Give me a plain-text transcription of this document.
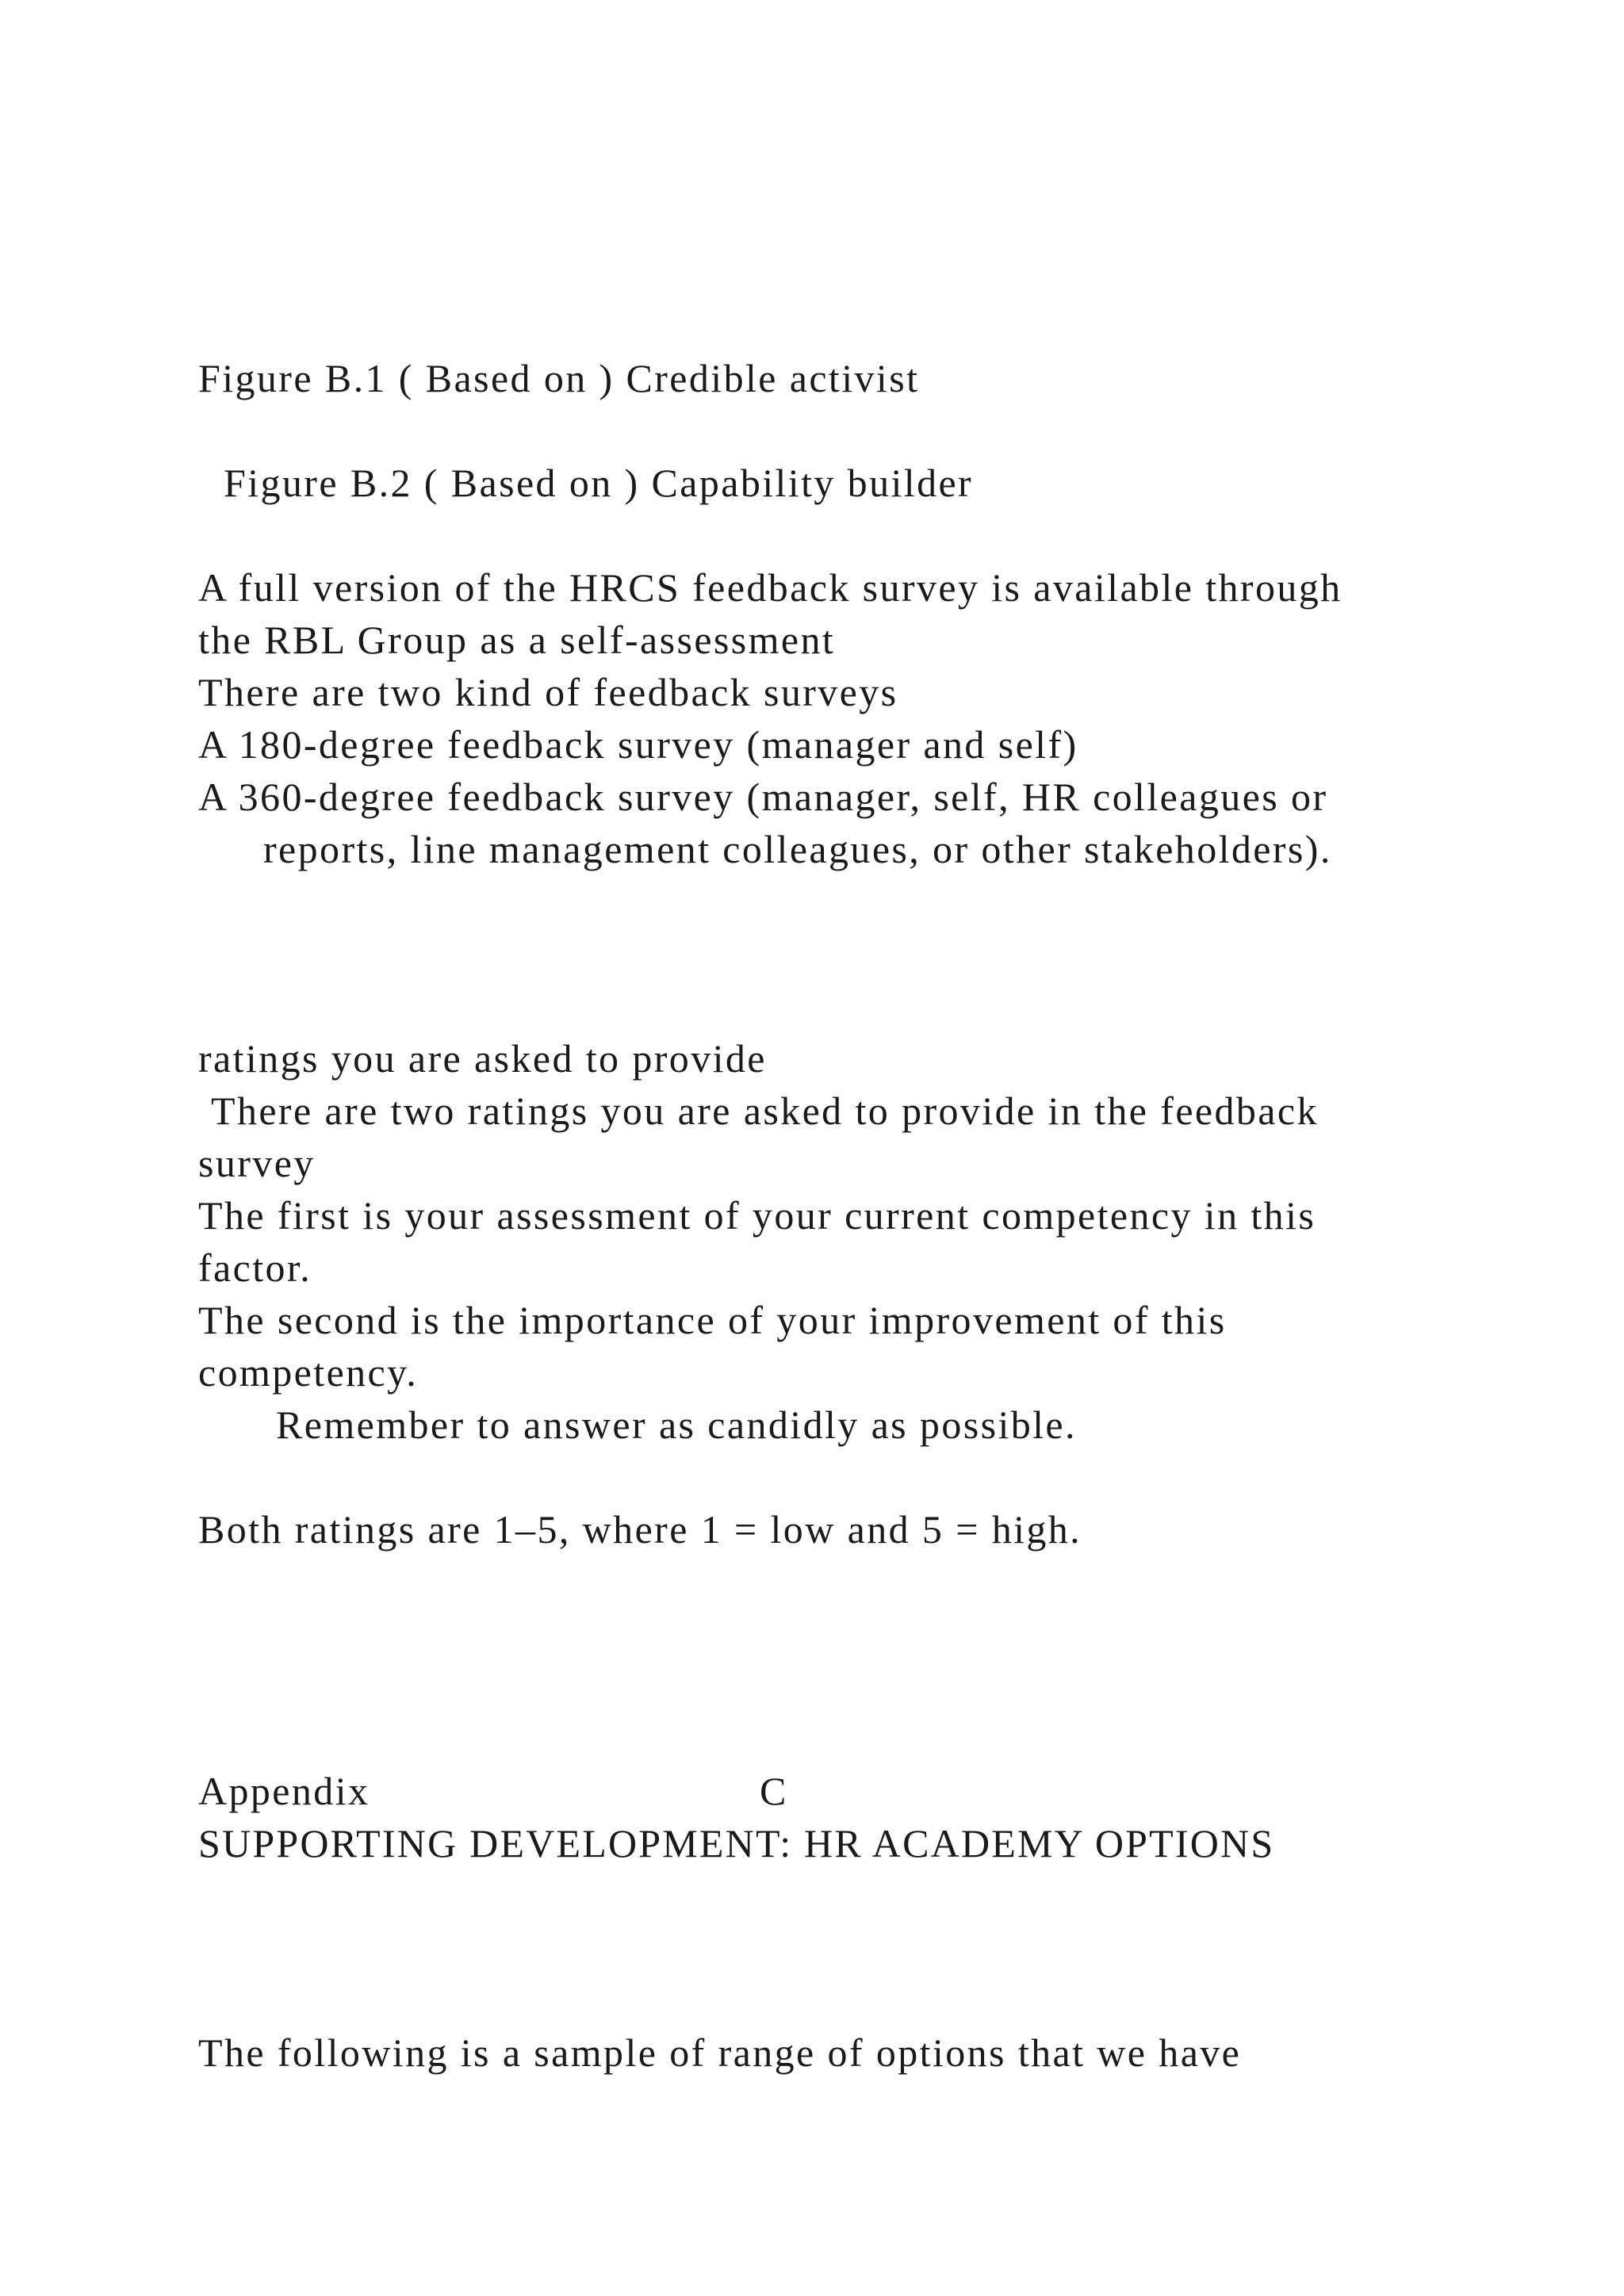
Figure B.1 ( Based on ) Credible activist

Figure B.2 ( Based on ) Capability builder

A full version of the HRCS feedback survey is available through

the RBL Group as a self-assessment

There are two kind of feedback surveys

A 180-degree feedback survey (manager and self)

A 360-degree feedback survey (manager, self, HR colleagues or

reports, line management colleagues, or other stakeholders).

ratings you are asked to provide

There are two ratings you are asked to provide in the feedback

survey

The first is your assessment of your current competency in this

factor.

The second is the importance of your improvement of this

competency.

Remember to answer as candidly as possible.

Both ratings are 1–5, where 1 = low and 5 = high.

Appendix	C

SUPPORTING DEVELOPMENT: HR ACADEMY OPTIONS

The following is a sample of range of options that we have
